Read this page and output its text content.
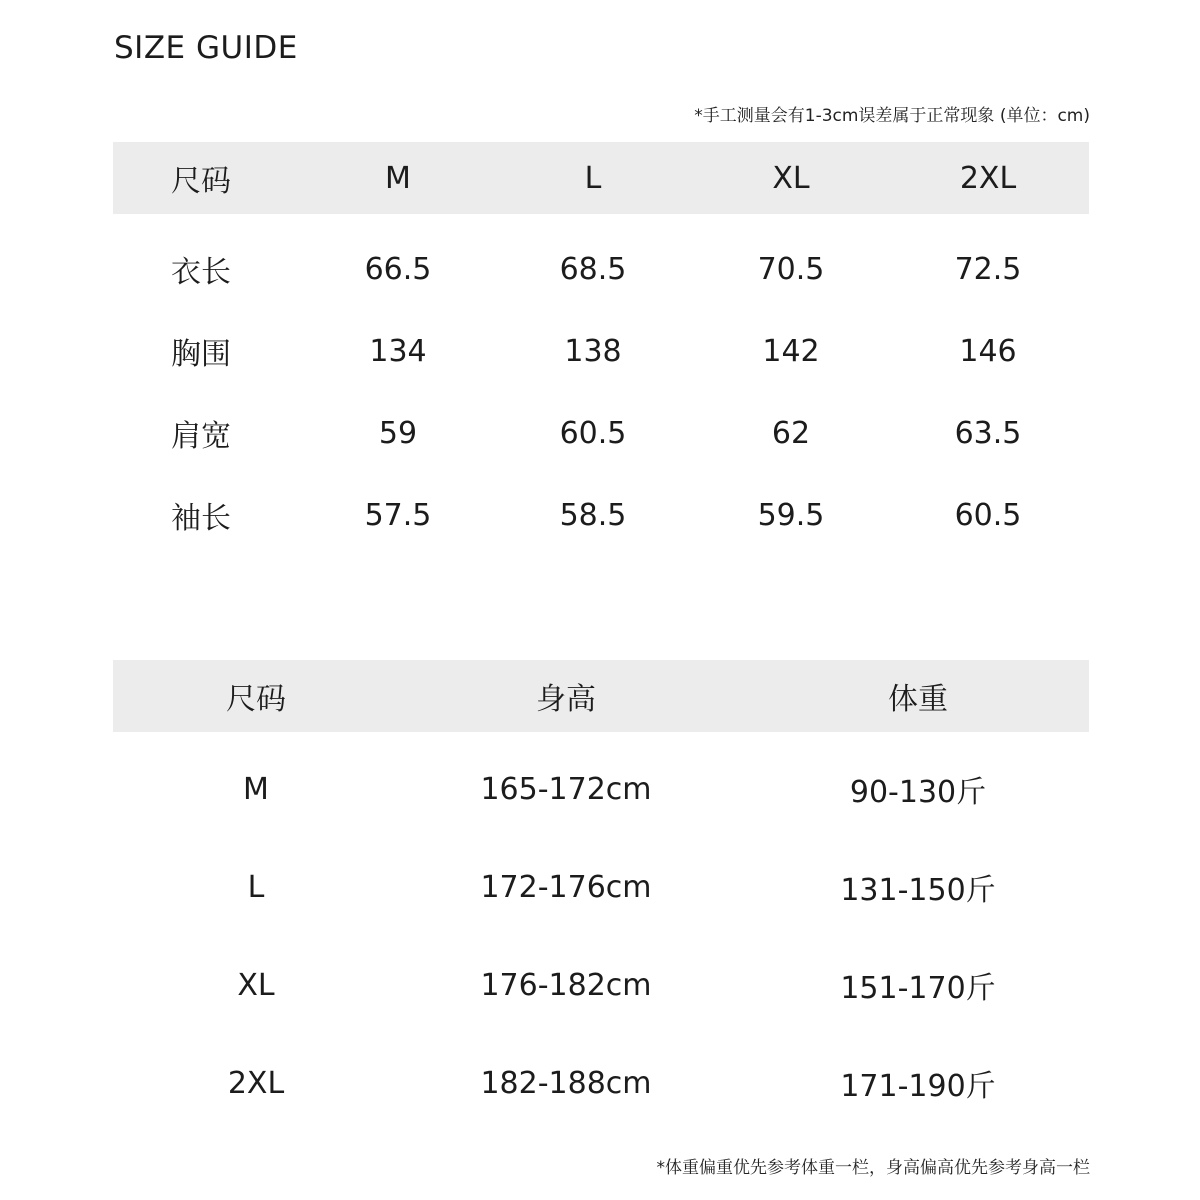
SIZE GUIDE
*手工测量会有1-3cm误差属于正常现象 (单位：cm)
尺码	M	L	XL	2XL
衣长	66.5	68.5	70.5	72.5
胸围	134	138	142	146
肩宽	59	60.5	62	63.5
袖长	57.5	58.5	59.5	60.5
尺码	身高	体重
M	165-172cm	90-130斤
L	172-176cm	131-150斤
XL	176-182cm	151-170斤
2XL	182-188cm	171-190斤
*体重偏重优先参考体重一栏，身高偏高优先参考身高一栏
